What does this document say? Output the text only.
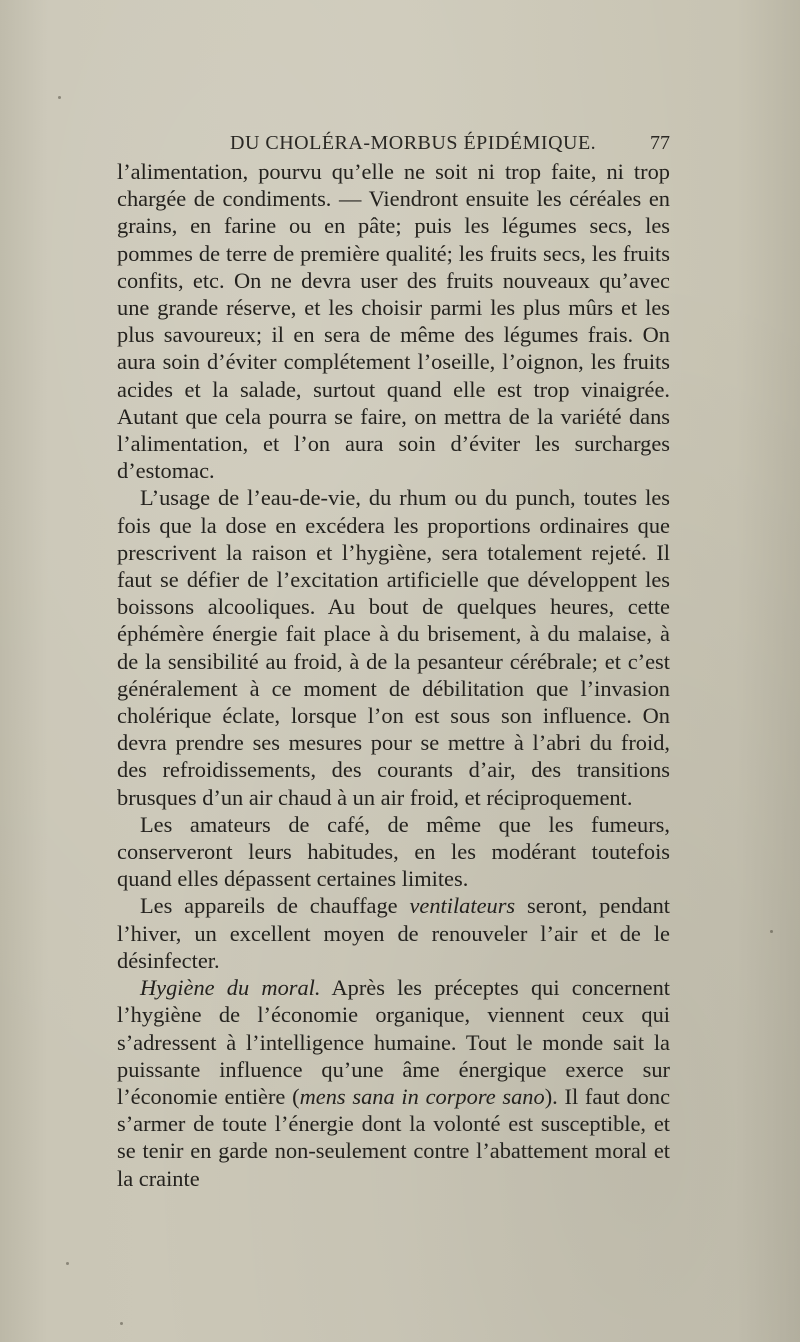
DU CHOLÉRA-MORBUS ÉPIDÉMIQUE.	77

l’alimentation, pourvu qu’elle ne soit ni trop faite, ni trop chargée de condiments. — Viendront ensuite les céréales en grains, en farine ou en pâte; puis les légumes secs, les pommes de terre de première qualité; les fruits secs, les fruits confits, etc. On ne devra user des fruits nouveaux qu’avec une grande réserve, et les choisir parmi les plus mûrs et les plus savoureux; il en sera de même des légumes frais. On aura soin d’éviter complétement l’oseille, l’oignon, les fruits acides et la salade, surtout quand elle est trop vinaigrée. Autant que cela pourra se faire, on mettra de la variété dans l’alimentation, et l’on aura soin d’éviter les surcharges d’estomac.

L’usage de l’eau-de-vie, du rhum ou du punch, toutes les fois que la dose en excédera les proportions ordinaires que prescrivent la raison et l’hygiène, sera totalement rejeté. Il faut se défier de l’excitation artificielle que développent les boissons alcooliques. Au bout de quelques heures, cette éphémère énergie fait place à du brisement, à du malaise, à de la sensibilité au froid, à de la pesanteur cérébrale; et c’est généralement à ce moment de débilitation que l’invasion cholérique éclate, lorsque l’on est sous son influence. On devra prendre ses mesures pour se mettre à l’abri du froid, des refroidissements, des courants d’air, des transitions brusques d’un air chaud à un air froid, et réciproquement.

Les amateurs de café, de même que les fumeurs, conserveront leurs habitudes, en les modérant toutefois quand elles dépassent certaines limites.

Les appareils de chauffage ventilateurs seront, pendant l’hiver, un excellent moyen de renouveler l’air et de le désinfecter.

Hygiène du moral. Après les préceptes qui concernent l’hygiène de l’économie organique, viennent ceux qui s’adressent à l’intelligence humaine. Tout le monde sait la puissante influence qu’une âme énergique exerce sur l’économie entière (mens sana in corpore sano). Il faut donc s’armer de toute l’énergie dont la volonté est susceptible, et se tenir en garde non-seulement contre l’abattement moral et la crainte
